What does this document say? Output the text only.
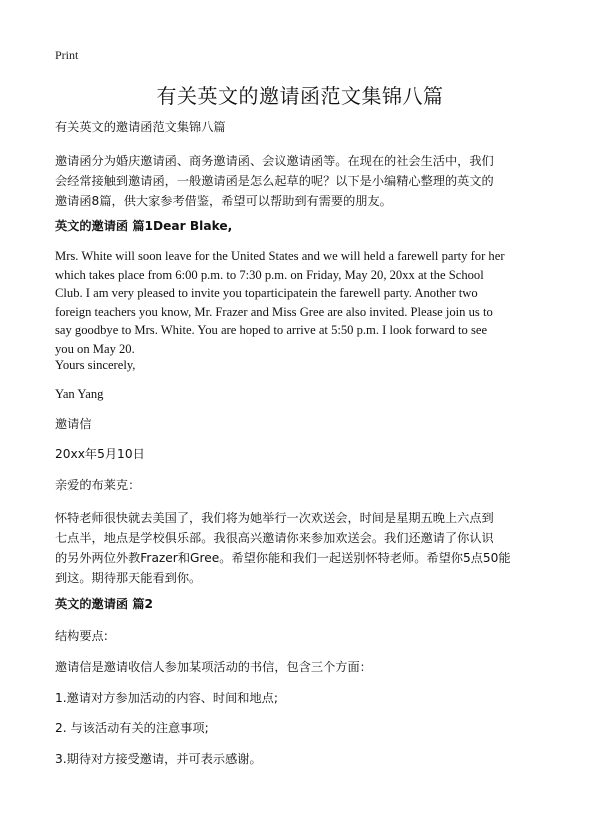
Print
有关英文的邀请函范文集锦八篇
有关英文的邀请函范文集锦八篇
邀请函分为婚庆邀请函、商务邀请函、会议邀请函等。在现在的社会生活中，我们
会经常接触到邀请函，一般邀请函是怎么起草的呢？以下是小编精心整理的英文的
邀请函8篇，供大家参考借鉴，希望可以帮助到有需要的朋友。
英文的邀请函 篇1Dear Blake,
Mrs. White will soon leave for the United States and we will held a farewell party for her
which takes place from 6:00 p.m. to 7:30 p.m. on Friday, May 20, 20xx at the School
Club. I am very pleased to invite you toparticipatein the farewell party. Another two
foreign teachers you know, Mr. Frazer and Miss Gree are also invited. Please join us to
say goodbye to Mrs. White. You are hoped to arrive at 5:50 p.m. I look forward to see
you on May 20.
Yours sincerely,
Yan Yang
邀请信
20xx年5月10日
亲爱的布莱克：
怀特老师很快就去美国了，我们将为她举行一次欢送会，时间是星期五晚上六点到
七点半，地点是学校俱乐部。我很高兴邀请你来参加欢送会。我们还邀请了你认识
的另外两位外教Frazer和Gree。希望你能和我们一起送别怀特老师。希望你5点50能
到这。期待那天能看到你。
英文的邀请函 篇2
结构要点:
邀请信是邀请收信人参加某项活动的书信，包含三个方面：
1.邀请对方参加活动的内容、时间和地点;
2. 与该活动有关的注意事项;
3.期待对方接受邀请，并可表示感谢。
